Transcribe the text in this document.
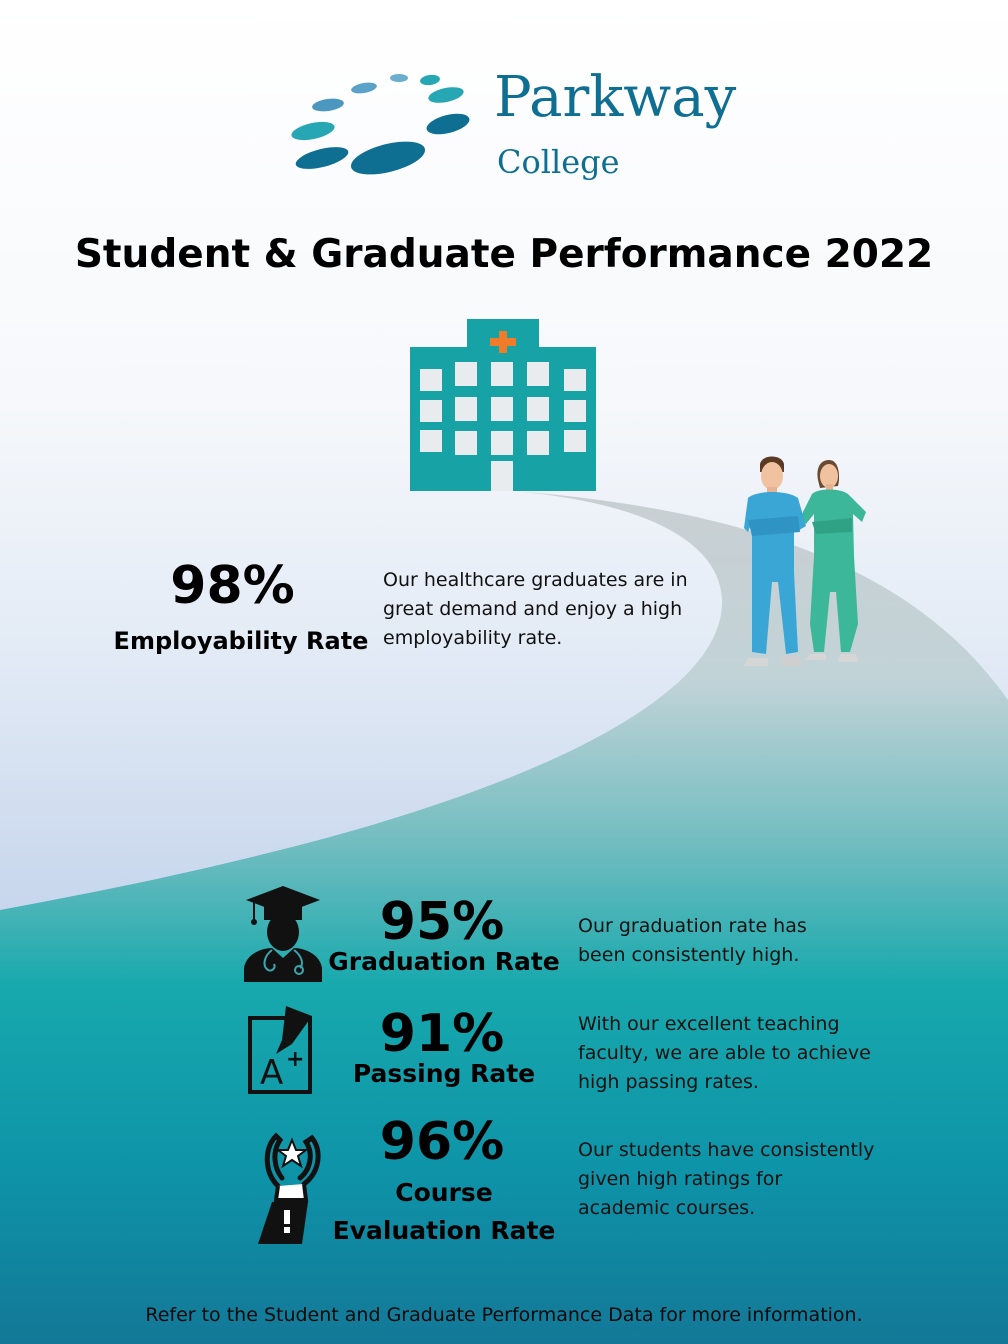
Parkway
College
Student & Graduate Performance 2022
98%
Employability Rate
Our healthcare graduates are in great demand and enjoy a high employability rate.
95%
Graduation Rate
Our graduation rate has been consistently high.
A +	91%
Passing Rate
With our excellent teaching faculty, we are able to achieve high passing rates.
96%
Course
Evaluation Rate
Our students have consistently given high ratings for academic courses.
Refer to the Student and Graduate Performance Data for more information.
